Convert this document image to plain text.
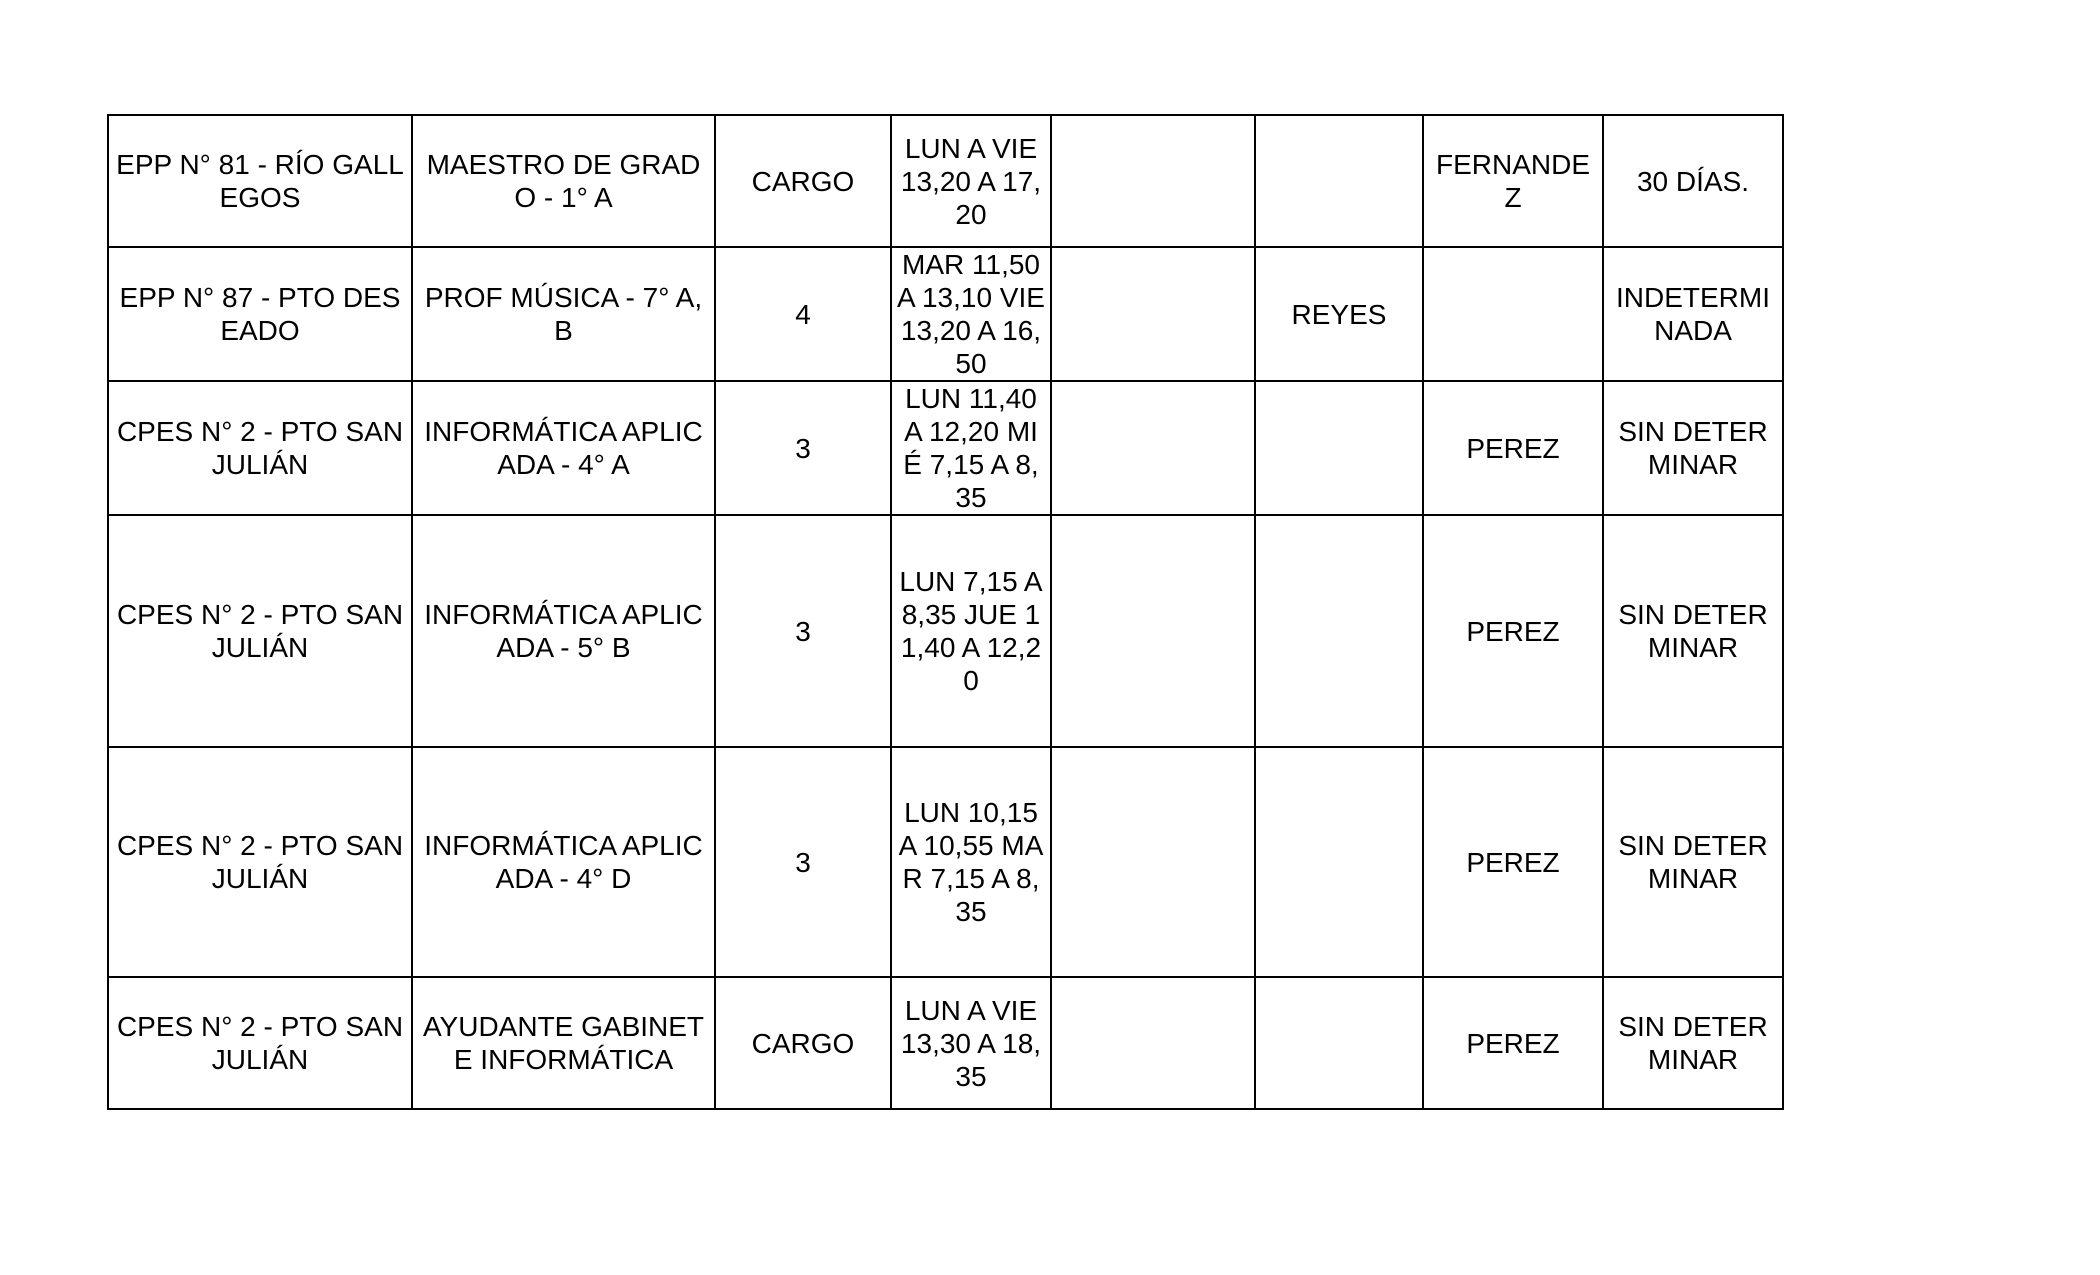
EPP N° 81 - RÍO GALLEGOS	MAESTRO DE GRADO - 1° A	CARGO	LUN A VIE 13,20 A 17,20			FERNANDEZ	30 DÍAS.
EPP N° 87 - PTO DESEADO	PROF MÚSICA - 7° A,B	4	MAR 11,50 A 13,10 VIE 13,20 A 16,50		REYES		INDETERMINADA
CPES N° 2 - PTO SAN JULIÁN	INFORMÁTICA APLICADA - 4° A	3	LUN 11,40 A 12,20 MIÉ 7,15 A 8,35			PEREZ	SIN DETERMINAR
CPES N° 2 - PTO SAN JULIÁN	INFORMÁTICA APLICADA - 5° B	3	LUN 7,15 A 8,35 JUE 11,40 A 12,20			PEREZ	SIN DETERMINAR
CPES N° 2 - PTO SAN JULIÁN	INFORMÁTICA APLICADA - 4° D	3	LUN 10,15 A 10,55 MAR 7,15 A 8,35			PEREZ	SIN DETERMINAR
CPES N° 2 - PTO SAN JULIÁN	AYUDANTE GABINETE INFORMÁTICA	CARGO	LUN A VIE 13,30 A 18,35			PEREZ	SIN DETERMINAR
